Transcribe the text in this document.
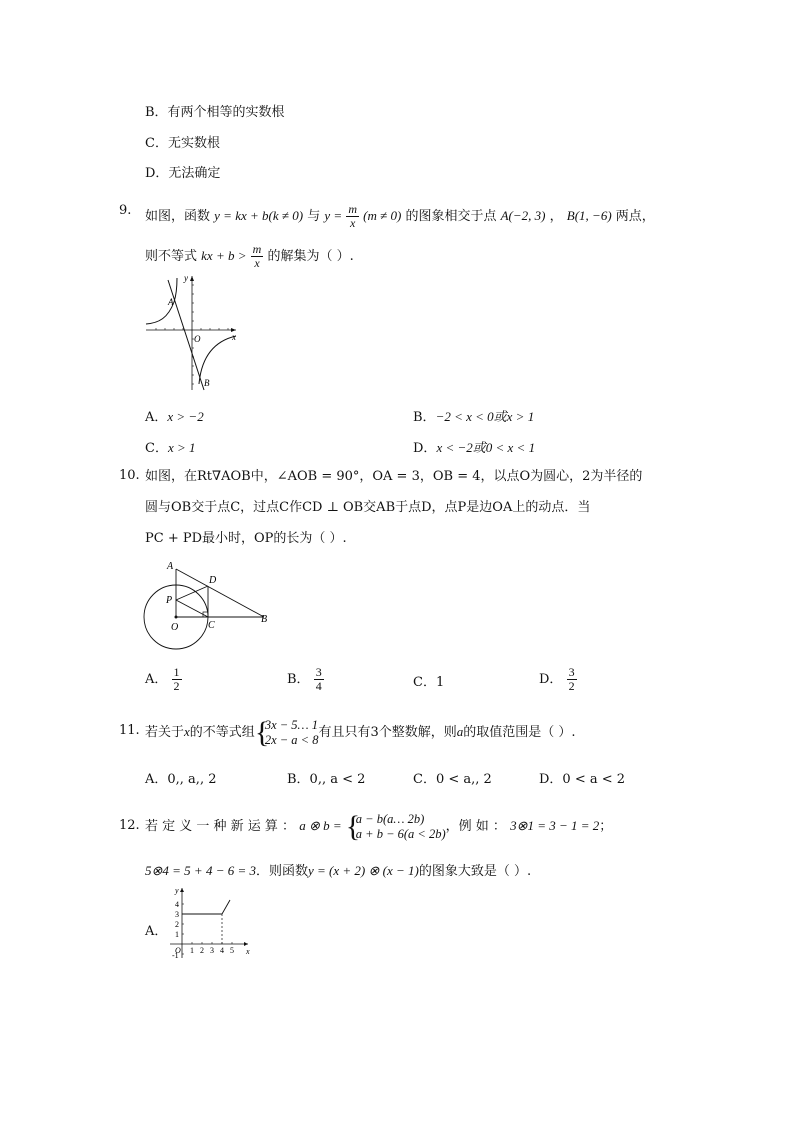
B．有两个相等的实数根
C．无实数根
D．无法确定
9. 如图，函数 y = kx + b(k ≠ 0) 与 $y = \frac{m}{x} (m \ne 0)$ 的图象相交于点 A(−2, 3) ， B(1, −6) 两点，
则不等式 kx + $b > \frac{m}{x}$ 的解集为（ ）.
y
x
O
A
B
A．x > −2	B．−2 < x < 0或x > 1
C．x > 1	D．x < −2或0 < x < 1
10. 如图，在Rt∇AOB中，∠AOB = 90°，OA = 3，OB = 4，以点O为圆心，2为半径的
圆与OB交于点C，过点C作CD ⊥ OB交AB于点D，点P是边OA上的动点．当
PC + PD最小时，OP的长为（ ）.
A
D
P
O	C
B
A． $\frac{1}{2}$	B． $\frac{3}{4}$	C．1	D． $\frac{3}{2}$
11. 若关于x的不等式组 {
3x − 5… 1
2x − a < 8 有且只有3个整数解，则a的取值范围是（ ）.
A．0,, a,, 2	B．0,, a < 2	C．0 < a,, 2	D．0 < a < 2
12. 若 定 义 一 种 新 运 算 ： a ⊗ b = {
a − b(a… 2b)
a + b − 6(a < 2b) ，例 如 ： 3⊗1 = 3 − 1 = 2；
5⊗4 = 5 + 4 − 6 = 3．则函数y = (x + 2) ⊗ (x − 1)的图象大致是（ ）.
A．
y
x
O
4
3
2
1
-1
1 2 3 4 5
